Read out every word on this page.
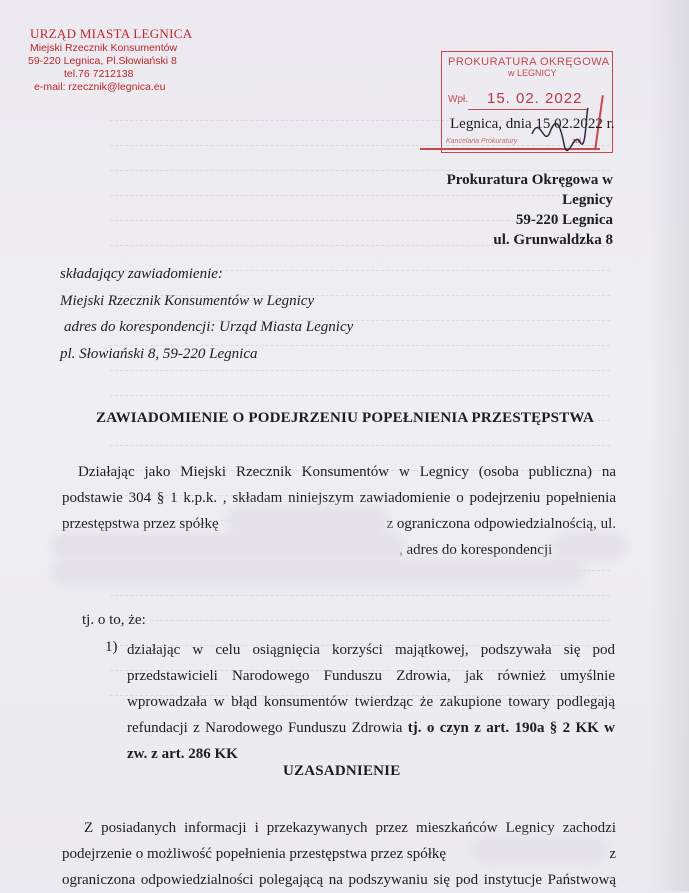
URZĄD MIASTA LEGNICA
Miejski Rzecznik Konsumentów
59-220 Legnica, Pl.Słowiański 8
tel.76 7212138
e-mail: rzecznik@legnica.eu
PROKURATURA OKRĘGOWA
w LEGNICY
Wpł. 15. 02. 2022
Kancelaria Prokuratury	zał.
Legnica, dnia 15.02.2022 r.
Prokuratura Okręgowa w
Legnicy
59-220 Legnica
ul. Grunwaldzka 8
składający zawiadomienie:
Miejski Rzecznik Konsumentów w Legnicy
adres do korespondencji: Urząd Miasta Legnicy
pl. Słowiański 8, 59-220 Legnica
ZAWIADOMIENIE O PODEJRZENIU POPEŁNIENIA PRZESTĘPSTWA
Działając jako Miejski Rzecznik Konsumentów w Legnicy (osoba publiczna) na
podstawie 304 § 1 k.p.k. , składam niniejszym zawiadomienie o podejrzeniu popełnienia
przestępstwa przez spółkę	z ograniczona odpowiedzialnością, ul.
, adres do korespondencji
tj. o to, że:
1) działając w celu osiągnięcia korzyści majątkowej, podszywała się pod przedstawicieli Narodowego Funduszu Zdrowia, jak również umyślnie wprowadzała w błąd konsumentów twierdząc że zakupione towary podlegają refundacji z Narodowego Funduszu Zdrowia tj. o czyn z art. 190a § 2 KK w zw. z art. 286 KK
UZASADNIENIE
Z posiadanych informacji i przekazywanych przez mieszkańców Legnicy zachodzi
podejrzenie o możliwość popełnienia przestępstwa przez spółkę	z
ograniczona odpowiedzialności polegającą na podszywaniu się pod instytucje Państwową
